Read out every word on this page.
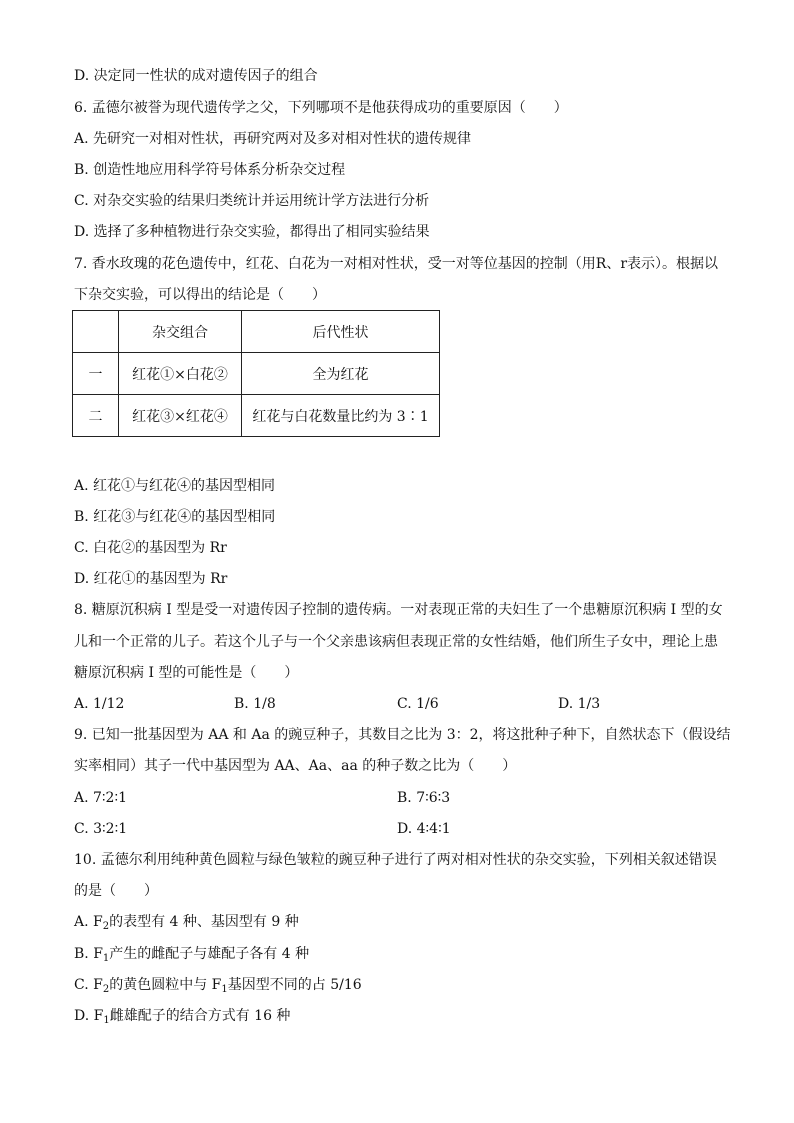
D. 决定同一性状的成对遗传因子的组合
6. 孟德尔被誉为现代遗传学之父，下列哪项不是他获得成功的重要原因（　　）
A. 先研究一对相对性状，再研究两对及多对相对性状的遗传规律
B. 创造性地应用科学符号体系分析杂交过程
C. 对杂交实验的结果归类统计并运用统计学方法进行分析
D. 选择了多种植物进行杂交实验，都得出了相同实验结果
7. 香水玫瑰的花色遗传中，红花、白花为一对相对性状，受一对等位基因的控制（用R、r表示）。根据以
下杂交实验，可以得出的结论是（　　）
	杂交组合	后代性状
一	红花①×白花②	全为红花
二	红花③×红花④	红花与白花数量比约为 3∶1
A. 红花①与红花④的基因型相同
B. 红花③与红花④的基因型相同
C. 白花②的基因型为 Rr
D. 红花①的基因型为 Rr
8. 糖原沉积病 I 型是受一对遗传因子控制的遗传病。一对表现正常的夫妇生了一个患糖原沉积病 I 型的女
儿和一个正常的儿子。若这个儿子与一个父亲患该病但表现正常的女性结婚，他们所生子女中，理论上患
糖原沉积病 I 型的可能性是（　　）
A. 1/12	B. 1/8	C. 1/6	D. 1/3
9. 已知一批基因型为 AA 和 Aa 的豌豆种子，其数目之比为 3：2，将这批种子种下，自然状态下（假设结
实率相同）其子一代中基因型为 AA、Aa、aa 的种子数之比为（　　）
A. 7∶2∶1	B. 7∶6∶3
C. 3∶2∶1	D. 4∶4∶1
10. 孟德尔利用纯种黄色圆粒与绿色皱粒的豌豆种子进行了两对相对性状的杂交实验，下列相关叙述错误
的是（　　）
A. $F_2$的表型有 4 种、基因型有 9 种
B. $F_1$产生的雌配子与雄配子各有 4 种
C. $F_2$的黄色圆粒中与 $F_1$基因型不同的占 5/16
D. $F_1$雌雄配子的结合方式有 16 种
